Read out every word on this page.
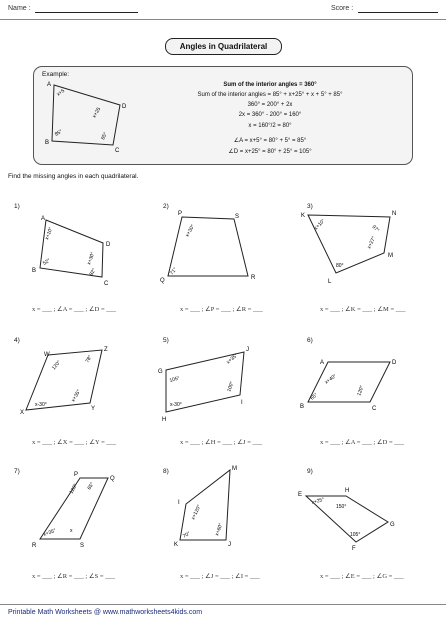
Name :	Score :
Angles in Quadrilateral
Example:
A
B
C
D
x+5
x+25
85°	85°
Sum of the interior angles = 360°
Sum of the interior angles = 85° + x+25° + x + 5° + 85°
360° = 200° + 2x
2x = 360° - 200° = 160°
x = 160°/2 = 80°
∠A = x+5° = 80° + 5° = 85°
∠D = x+25° = 80° + 25° = 105°
Find the missing angles in each quadrilateral.
1)
A
B
C
D
x+10°
52°
82°
x+30°
x = ___ ; ∠A = ___ ; ∠D = ___
2)
P
Q	R
S
x+30°
71°
x = ___ ; ∠P = ___ ; ∠R = ___
3)
K
L
M
N
x+10°	97°
80°
x+27°
x = ___ ; ∠K = ___ ; ∠M = ___
4)
W
X
Y
Z
120°
78°
x-30°
x+35°
x = ___ ; ∠X = ___ ; ∠Y = ___
5)
G
H
I
J
105°
x+35°
100°
x-30°
x = ___ ; ∠H = ___ ; ∠J = ___
6)
A
B	C
D
x+40°
65°
120°
x = ___ ; ∠A = ___ ; ∠D = ___
7)	P
Q
R	S
120° 65°
x
x+35°
x = ___ ; ∠R = ___ ; ∠S = ___
8)	M
K	J
I
x+120°
x+60°
70°
x = ___ ; ∠J = ___ ; ∠I = ___
9)
E
F
G
H
x+25°
150°
105°
x = ___ ; ∠E = ___ ; ∠G = ___
Printable Math Worksheets @ www.mathworksheets4kids.com
